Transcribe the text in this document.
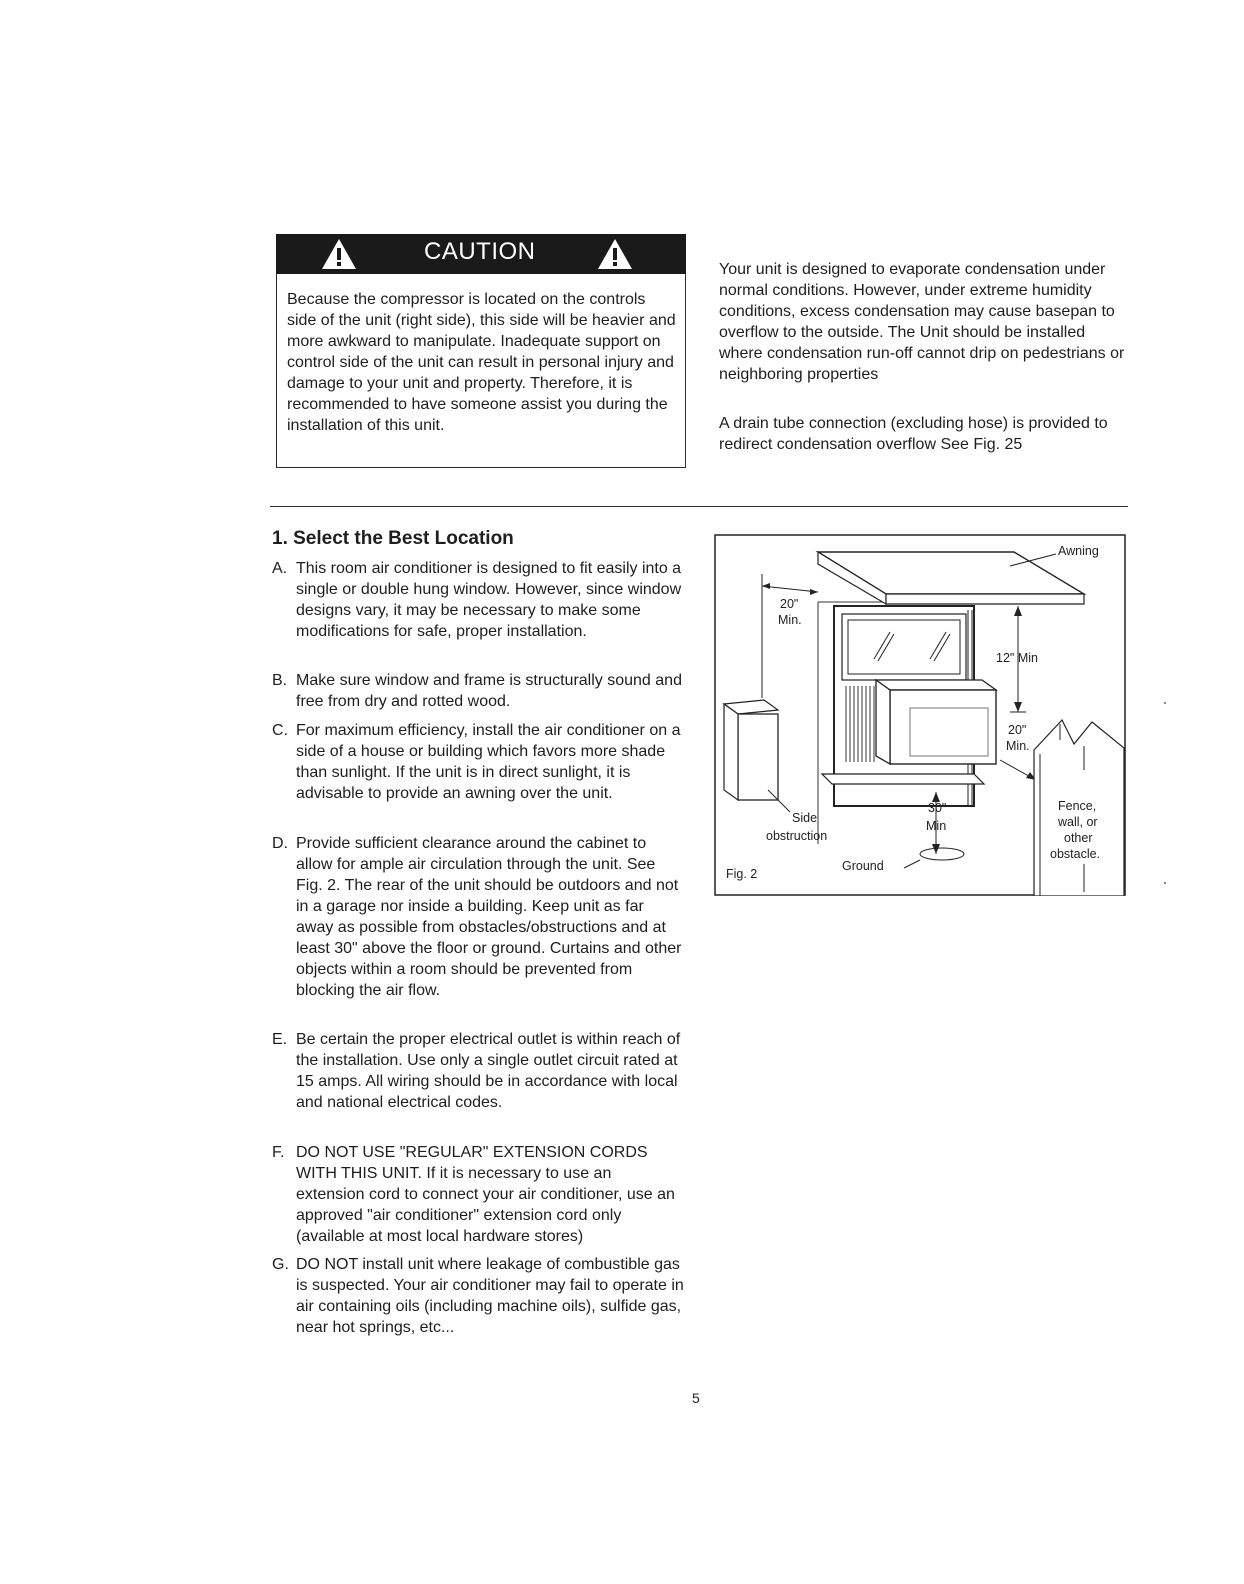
CAUTION

Because the compressor is located on the controls side of the unit (right side), this side will be heavier and more awkward to manipulate. Inadequate support on control side of the unit can result in personal injury and damage to your unit and property. Therefore, it is recommended to have someone assist you during the installation of this unit.

Your unit is designed to evaporate condensation under normal conditions. However, under extreme humidity conditions, excess condensation may cause basepan to overflow to the outside. The Unit should be installed where condensation run-off cannot drip on pedestrians or neighboring properties

A drain tube connection (excluding hose) is provided to redirect condensation overflow See Fig. 25

1. Select the Best Location
A. This room air conditioner is designed to fit easily into a single or double hung window. However, since window designs vary, it may be necessary to make some modifications for safe, proper installation.

B. Make sure window and frame is structurally sound and free from dry and rotted wood.

C. For maximum efficiency, install the air conditioner on a side of a house or building which favors more shade than sunlight. If the unit is in direct sunlight, it is advisable to provide an awning over the unit.

D. Provide sufficient clearance around the cabinet to allow for ample air circulation through the unit. See Fig. 2. The rear of the unit should be outdoors and not in a garage nor inside a building. Keep unit as far away as possible from obstacles/obstructions and at least 30" above the floor or ground. Curtains and other objects within a room should be prevented from blocking the air flow.

E. Be certain the proper electrical outlet is within reach of the installation. Use only a single outlet circuit rated at 15 amps. All wiring should be in accordance with local and national electrical codes.

F. DO NOT USE "REGULAR" EXTENSION CORDS WITH THIS UNIT. If it is necessary to use an extension cord to connect your air conditioner, use an approved "air conditioner" extension cord only (available at most local hardware stores)

G. DO NOT install unit where leakage of combustible gas is suspected. Your air conditioner may fail to operate in air containing oils (including machine oils), sulfide gas, near hot springs, etc...

Awning
20"
Min.
12" Min
20"
Min.
30"
Min
Side
obstruction
Ground
Fence,
wall, or
other
obstacle.
Fig. 2
5
